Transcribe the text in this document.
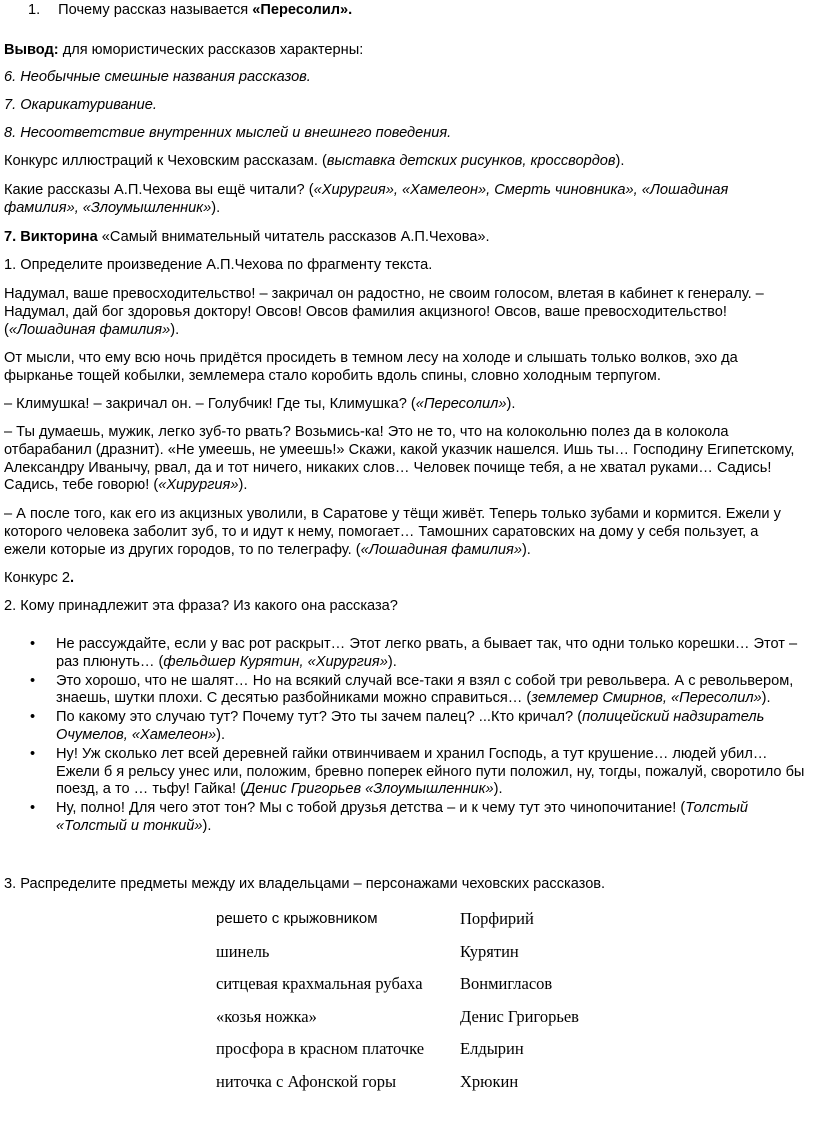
1. Почему рассказ называется «Пересолил».

Вывод: для юмористических рассказов характерны:

6. Необычные смешные названия рассказов.

7. Окарикатуривание.

8. Несоответствие внутренних мыслей и внешнего поведения.

Конкурс иллюстраций к Чеховским рассказам. (выставка детских рисунков, кроссвордов).

Какие рассказы А.П.Чехова вы ещё читали? («Хирургия», «Хамелеон», Смерть чиновника», «Лошадиная фамилия», «Злоумышленник»).

7. Викторина «Самый внимательный читатель рассказов А.П.Чехова».

1. Определите произведение А.П.Чехова по фрагменту текста.

Надумал, ваше превосходительство! – закричал он радостно, не своим голосом, влетая в кабинет к генералу. – Надумал, дай бог здоровья доктору! Овсов! Овсов фамилия акцизного! Овсов, ваше превосходительство! («Лошадиная фамилия»).

От мысли, что ему всю ночь придётся просидеть в темном лесу на холоде и слышать только волков, эхо да фырканье тощей кобылки, землемера стало коробить вдоль спины, словно холодным терпугом.

– Климушка! – закричал он. – Голубчик! Где ты, Климушка? («Пересолил»).

– Ты думаешь, мужик, легко зуб-то рвать? Возьмись-ка! Это не то, что на колокольню полез да в колокола отбарабанил (дразнит). «Не умеешь, не умеешь!» Скажи, какой указчик нашелся. Ишь ты… Господину Египетскому, Александру Иванычу, рвал, да и тот ничего, никаких слов… Человек почище тебя, а не хватал руками… Садись! Садись, тебе говорю! («Хирургия»).

– А после того, как его из акцизных уволили, в Саратове у тёщи живёт. Теперь только зубами и кормится. Ежели у которого человека заболит зуб, то и идут к нему, помогает… Тамошних саратовских на дому у себя пользует, а ежели которые из других городов, то по телеграфу. («Лошадиная фамилия»).

Конкурс 2.

2. Кому принадлежит эта фраза? Из какого она рассказа?

• Не рассуждайте, если у вас рот раскрыт… Этот легко рвать, а бывает так, что одни только корешки… Этот – раз плюнуть… (фельдшер Курятин, «Хирургия»).
• Это хорошо, что не шалят… Но на всякий случай все-таки я взял с собой три револьвера. А с револьвером, знаешь, шутки плохи. С десятью разбойниками можно справиться… (землемер Смирнов, «Пересолил»).
• По какому это случаю тут? Почему тут? Это ты зачем палец? ...Кто кричал? (полицейский надзиратель Очумелов, «Хамелеон»).
• Ну! Уж сколько лет всей деревней гайки отвинчиваем и хранил Господь, а тут крушение… людей убил… Ежели б я рельсу унес или, положим, бревно поперек ейного пути положил, ну, тогды, пожалуй, своротило бы поезд, а то … тьфу! Гайка! (Денис Григорьев «Злоумышленник»).
• Ну, полно! Для чего этот тон? Мы с тобой друзья детства – и к чему тут это чинопочитание! (Толстый «Толстый и тонкий»).

3. Распределите предметы между их владельцами – персонажами чеховских рассказов.

решето с крыжовником	Порфирий
шинель	Курятин
ситцевая крахмальная рубаха	Вонмигласов
«козья ножка»	Денис Григорьев
просфора в красном платочке	Елдырин
ниточка с Афонской горы	Хрюкин
